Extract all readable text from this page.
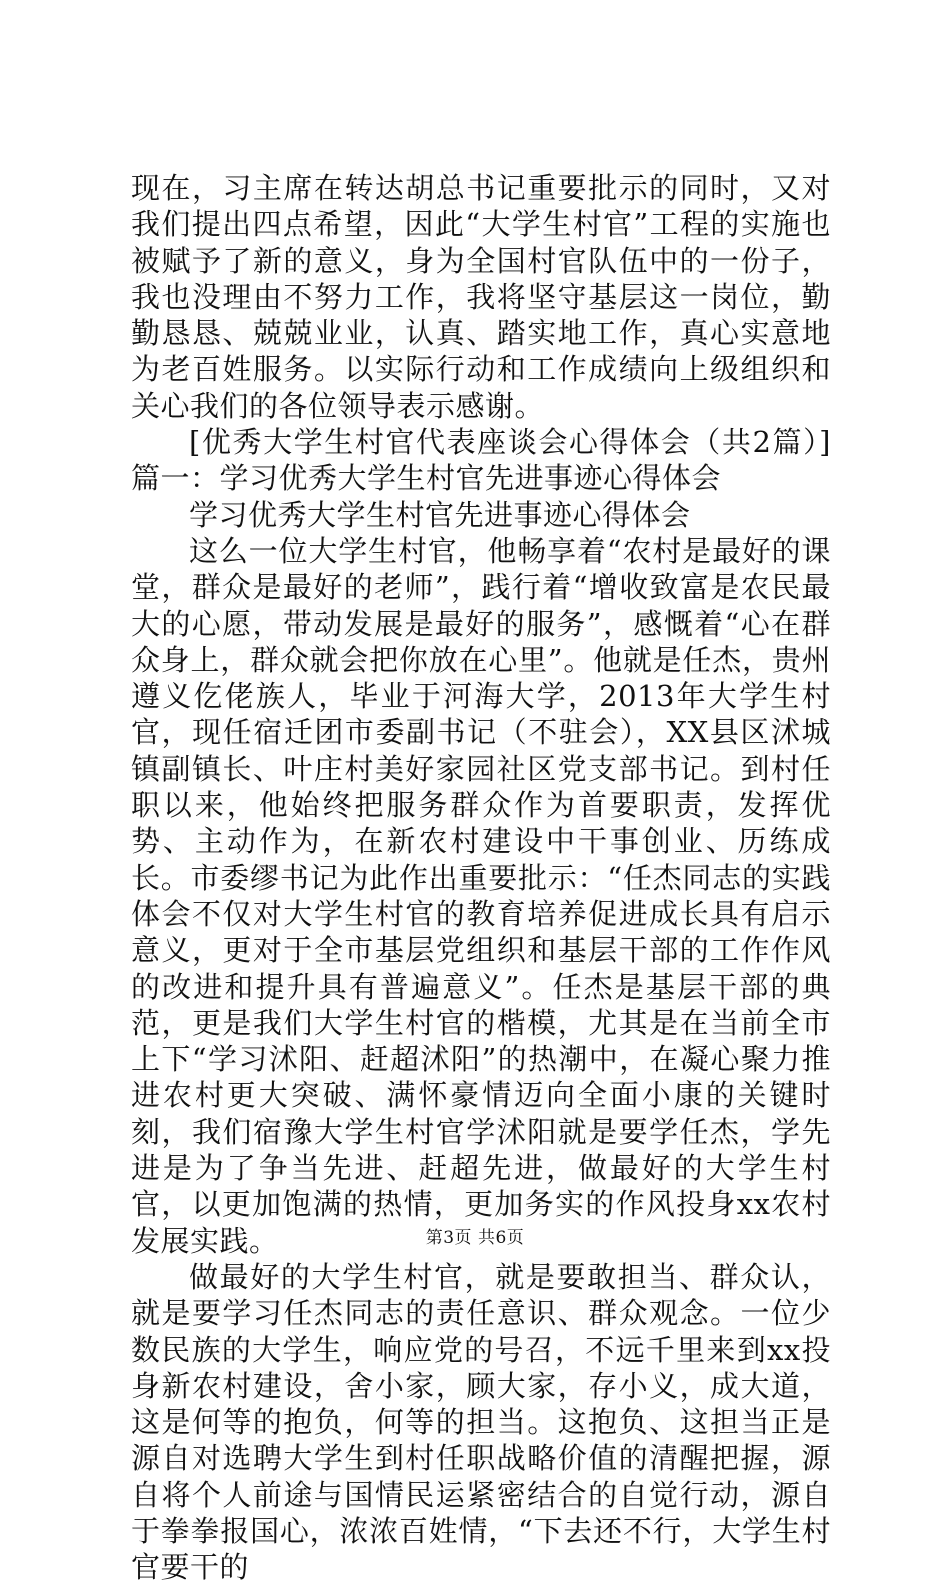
现在，习主席在转达胡总书记重要批示的同时，又对我们提出四点希望，因此“大学生村官”工程的实施也被赋予了新的意义，身为全国村官队伍中的一份子，我也没理由不努力工作，我将坚守基层这一岗位，勤勤恳恳、兢兢业业，认真、踏实地工作，真心实意地为老百姓服务。以实际行动和工作成绩向上级组织和关心我们的各位领导表示感谢。

[优秀大学生村官代表座谈会心得体会（共2篇）]篇一：学习优秀大学生村官先进事迹心得体会

学习优秀大学生村官先进事迹心得体会

这么一位大学生村官，他畅享着“农村是最好的课堂，群众是最好的老师”，践行着“增收致富是农民最大的心愿，带动发展是最好的服务”，感慨着“心在群众身上，群众就会把你放在心里”。他就是任杰，贵州遵义仡佬族人，毕业于河海大学，2013年大学生村官，现任宿迁团市委副书记（不驻会），XX县区沭城镇副镇长、叶庄村美好家园社区党支部书记。到村任职以来，他始终把服务群众作为首要职责，发挥优势、主动作为，在新农村建设中干事创业、历练成长。市委缪书记为此作出重要批示：“任杰同志的实践体会不仅对大学生村官的教育培养促进成长具有启示意义，更对于全市基层党组织和基层干部的工作作风的改进和提升具有普遍意义”。任杰是基层干部的典范，更是我们大学生村官的楷模，尤其是在当前全市上下“学习沭阳、赶超沭阳”的热潮中，在凝心聚力推进农村更大突破、满怀豪情迈向全面小康的关键时刻，我们宿豫大学生村官学沭阳就是要学任杰，学先进是为了争当先进、赶超先进，做最好的大学生村官，以更加饱满的热情，更加务实的作风投身xx农村发展实践。

做最好的大学生村官，就是要敢担当、群众认，就是要学习任杰同志的责任意识、群众观念。一位少数民族的大学生，响应党的号召，不远千里来到xx投身新农村建设，舍小家，顾大家，存小义，成大道，这是何等的抱负，何等的担当。这抱负、这担当正是源自对选聘大学生到村任职战略价值的清醒把握，源自将个人前途与国情民运紧密结合的自觉行动，源自于拳拳报国心，浓浓百姓情，“下去还不行，大学生村官要干的

第3页 共6页
